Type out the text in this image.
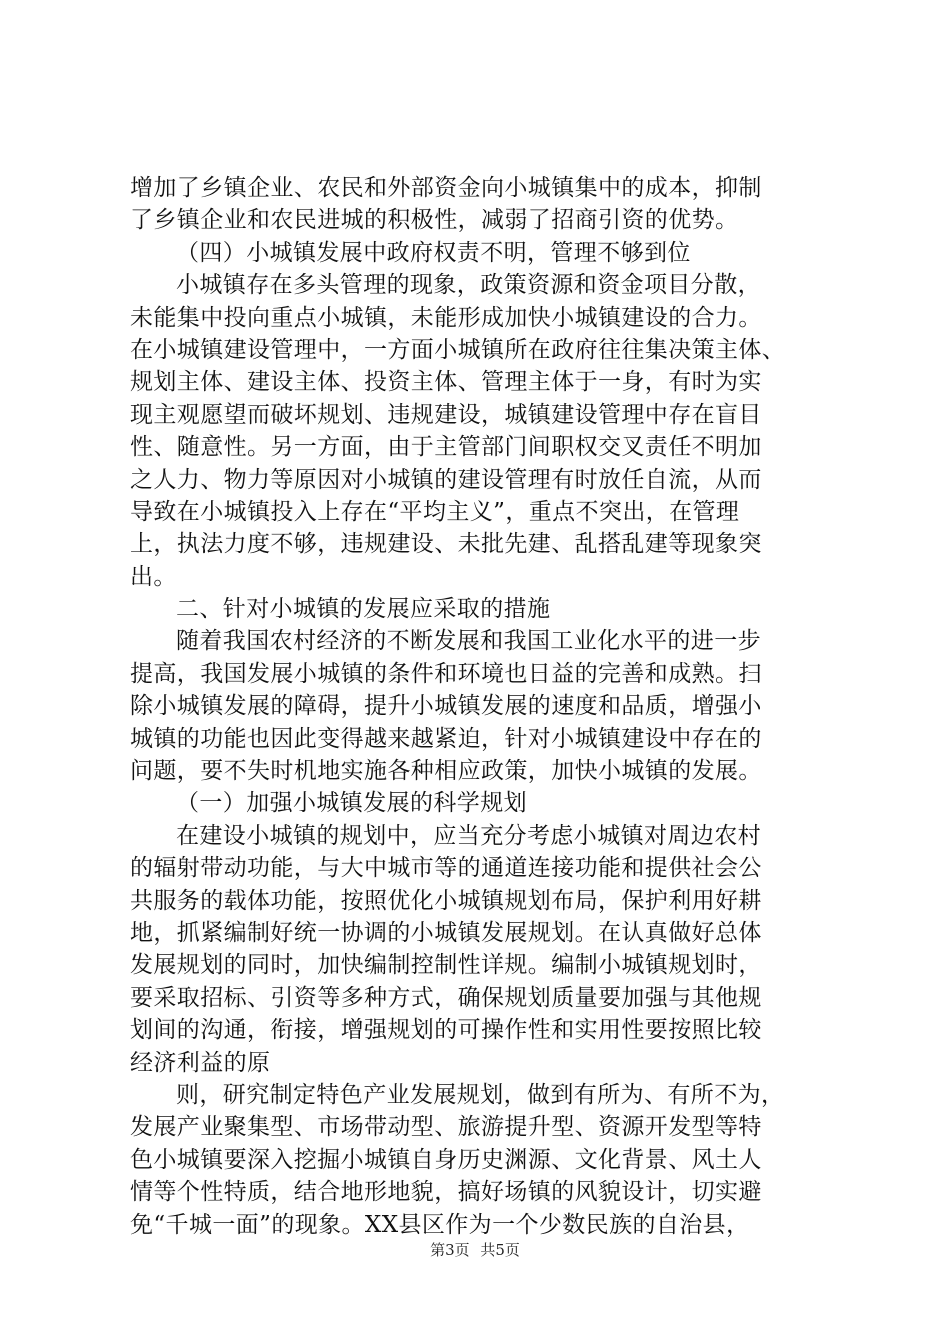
增加了乡镇企业、农民和外部资金向小城镇集中的成本，抑制
了乡镇企业和农民进城的积极性，减弱了招商引资的优势。
（四）小城镇发展中政府权责不明，管理不够到位
小城镇存在多头管理的现象，政策资源和资金项目分散，
未能集中投向重点小城镇，未能形成加快小城镇建设的合力。
在小城镇建设管理中，一方面小城镇所在政府往往集决策主体、
规划主体、建设主体、投资主体、管理主体于一身，有时为实
现主观愿望而破坏规划、违规建设，城镇建设管理中存在盲目
性、随意性。另一方面，由于主管部门间职权交叉责任不明加
之人力、物力等原因对小城镇的建设管理有时放任自流，从而
导致在小城镇投入上存在“平均主义”，重点不突出，在管理
上，执法力度不够，违规建设、未批先建、乱搭乱建等现象突
出。
二、针对小城镇的发展应采取的措施
随着我国农村经济的不断发展和我国工业化水平的进一步
提高，我国发展小城镇的条件和环境也日益的完善和成熟。扫
除小城镇发展的障碍，提升小城镇发展的速度和品质，增强小
城镇的功能也因此变得越来越紧迫，针对小城镇建设中存在的
问题，要不失时机地实施各种相应政策，加快小城镇的发展。
（一）加强小城镇发展的科学规划
在建设小城镇的规划中，应当充分考虑小城镇对周边农村
的辐射带动功能，与大中城市等的通道连接功能和提供社会公
共服务的载体功能，按照优化小城镇规划布局，保护利用好耕
地，抓紧编制好统一协调的小城镇发展规划。在认真做好总体
发展规划的同时，加快编制控制性详规。编制小城镇规划时，
要采取招标、引资等多种方式，确保规划质量要加强与其他规
划间的沟通，衔接，增强规划的可操作性和实用性要按照比较
经济利益的原
则，研究制定特色产业发展规划，做到有所为、有所不为，
发展产业聚集型、市场带动型、旅游提升型、资源开发型等特
色小城镇要深入挖掘小城镇自身历史渊源、文化背景、风土人
情等个性特质，结合地形地貌，搞好场镇的风貌设计，切实避
免“千城一面”的现象。XX县区作为一个少数民族的自治县，
第3页 共5页
